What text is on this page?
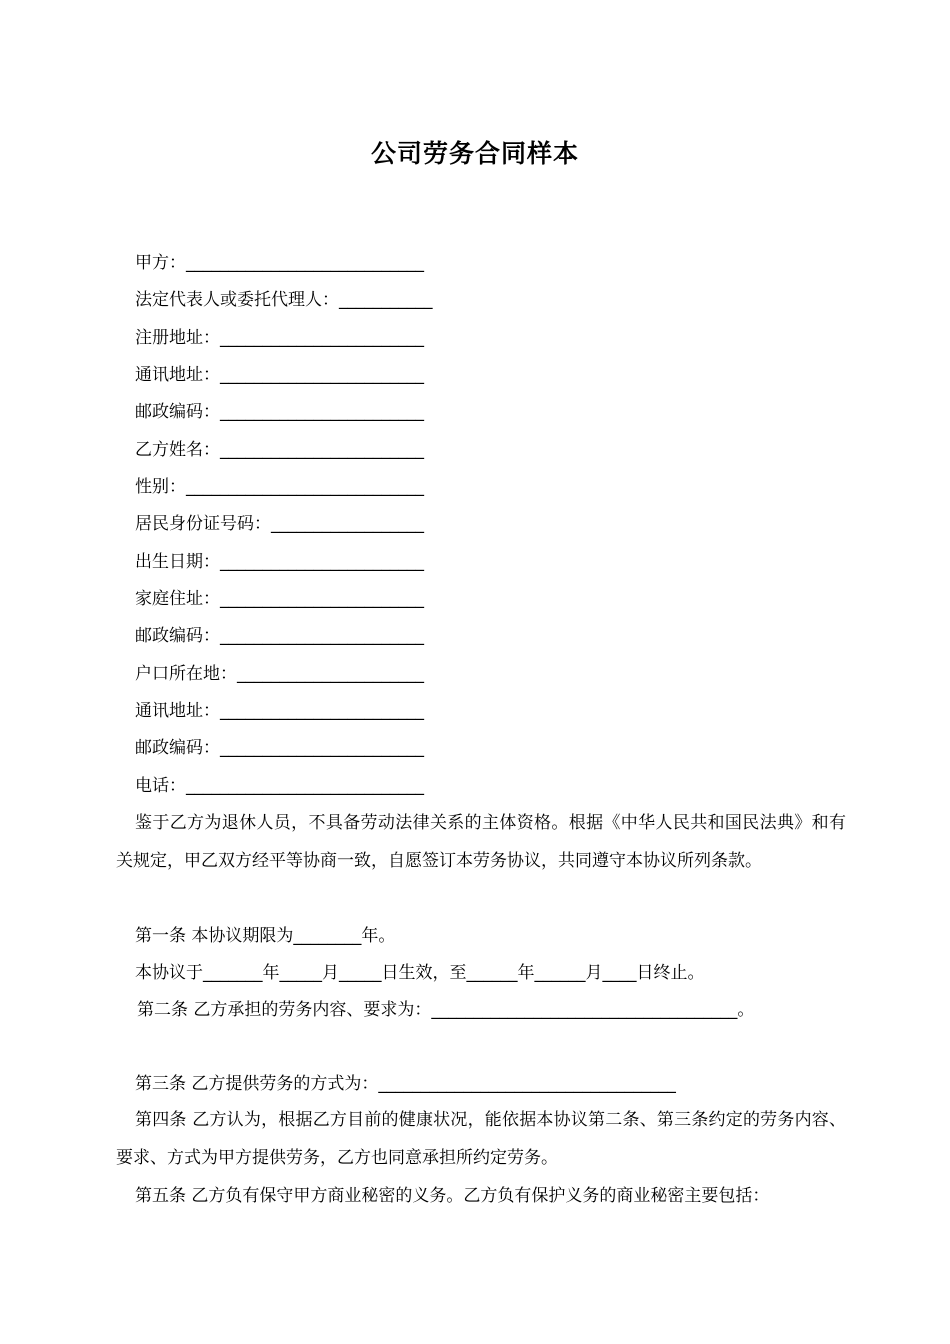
公司劳务合同样本
甲方：____________________________
法定代表人或委托代理人：___________
注册地址：________________________
通讯地址：________________________
邮政编码：________________________
乙方姓名：________________________
性别：____________________________
居民身份证号码：__________________
出生日期：________________________
家庭住址：________________________
邮政编码：________________________
户口所在地：______________________
通讯地址：________________________
邮政编码：________________________
电话：____________________________
鉴于乙方为退休人员，不具备劳动法律关系的主体资格。根据《中华人民共和国民法典》和有关规定，甲乙双方经平等协商一致，自愿签订本劳务协议，共同遵守本协议所列条款。
第一条 本协议期限为________年。
本协议于_______年_____月_____日生效，至______年______月____日终止。
第二条 乙方承担的劳务内容、要求为：____________________________________。
第三条 乙方提供劳务的方式为：___________________________________
第四条 乙方认为，根据乙方目前的健康状况，能依据本协议第二条、第三条约定的劳务内容、要求、方式为甲方提供劳务，乙方也同意承担所约定劳务。
第五条 乙方负有保守甲方商业秘密的义务。乙方负有保护义务的商业秘密主要包括：
